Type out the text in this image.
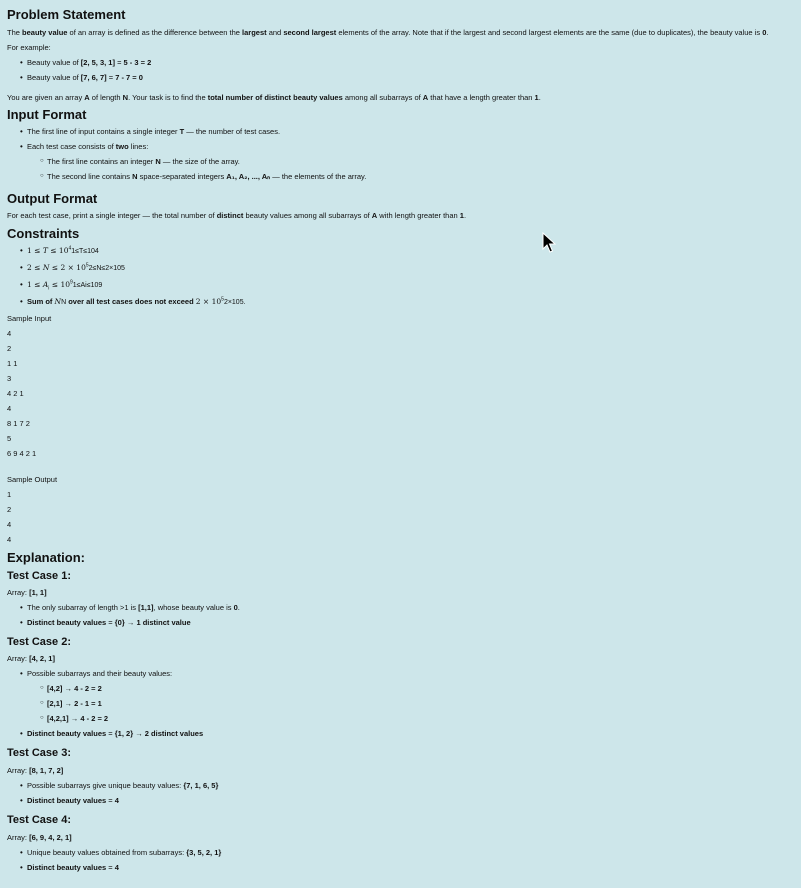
Problem Statement

The beauty value of an array is defined as the difference between the largest and second largest elements of the array. Note that if the largest and second largest elements are the same (due to duplicates), the beauty value is 0.

For example:

• Beauty value of [2, 5, 3, 1] = 5 - 3 = 2
• Beauty value of [7, 6, 7] = 7 - 7 = 0

You are given an array A of length N. Your task is to find the total number of distinct beauty values among all subarrays of A that have a length greater than 1.

Input Format
• The first line of input contains a single integer T — the number of test cases.
• Each test case consists of two lines:
○ The first line contains an integer N — the size of the array.
○ The second line contains N space-separated integers A₁, A₂, ..., Aₙ — the elements of the array.
Output Format

For each test case, print a single integer — the total number of distinct beauty values among all subarrays of A with length greater than 1.

Constraints
• $1 \le T \le 10^41\le T\le 104$
• $2 \le N \le 2 \times 10^52\le N\le 2\times 105$
• $1 \le A_i \le 10^91\le Ai\le 109$
• Sum of NN over all test cases does not exceed $2 \times 10^52\times 105$.
Sample Input
4
2
1 1
3
4 2 1
4
8 1 7 2
5
6 9 4 2 1
Sample Output
1
2
4
4
Explanation:
Test Case 1:

Array: [1, 1]

• The only subarray of length >1 is [1,1], whose beauty value is 0.
• Distinct beauty values = {0} → 1 distinct value
Test Case 2:

Array: [4, 2, 1]

• Possible subarrays and their beauty values:
○ [4,2] → 4 - 2 = 2
○ [2,1] → 2 - 1 = 1
○ [4,2,1] → 4 - 2 = 2
• Distinct beauty values = {1, 2} → 2 distinct values
Test Case 3:

Array: [8, 1, 7, 2]

• Possible subarrays give unique beauty values: {7, 1, 6, 5}
• Distinct beauty values = 4
Test Case 4:

Array: [6, 9, 4, 2, 1]

• Unique beauty values obtained from subarrays: {3, 5, 2, 1}
• Distinct beauty values = 4
